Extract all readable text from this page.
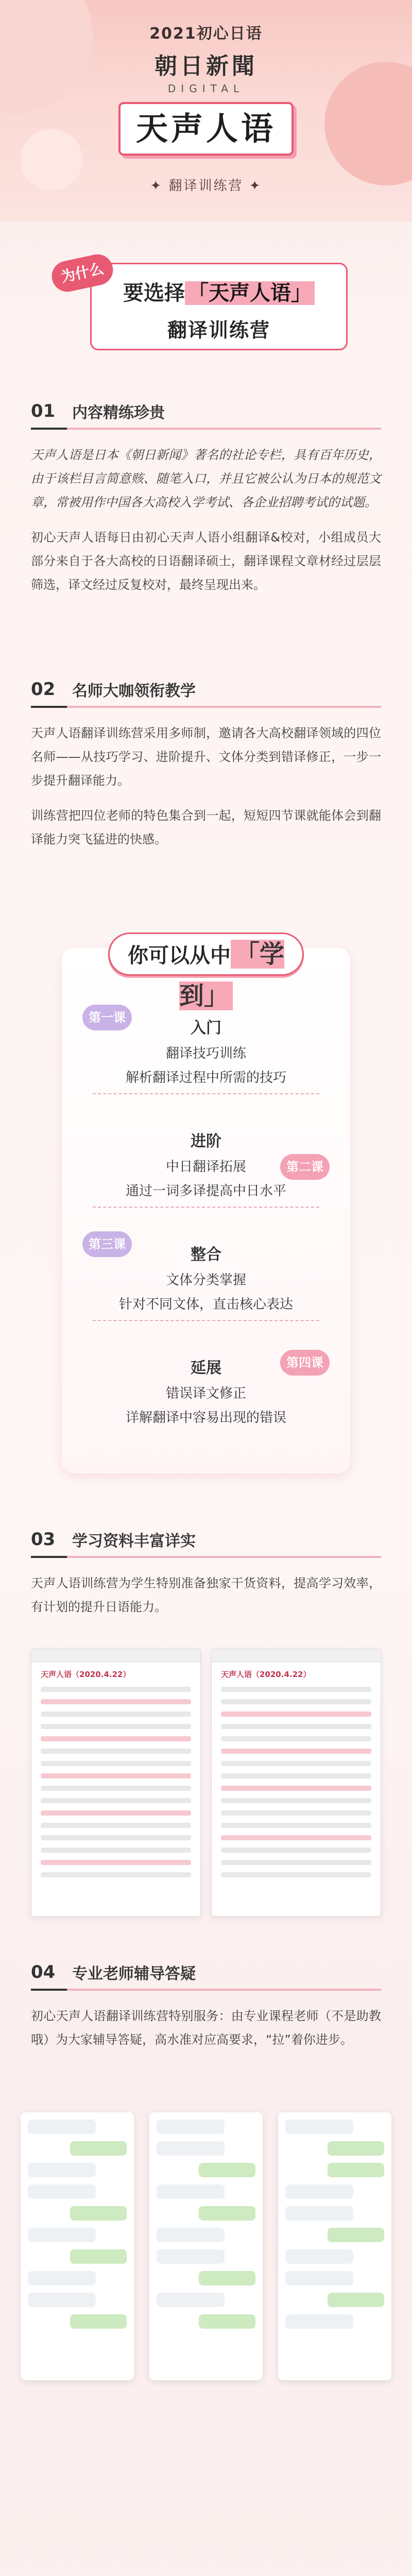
2021初心日语
朝日新聞
DIGITAL
天声人语
✦ 翻译训练营 ✦
要选择 「天声人语」
翻译训练营
为什么
01	内容精练珍贵

天声人语是日本《朝日新闻》著名的社论专栏，具有百年历史，由于该栏目言简意赅、随笔入口，并且它被公认为日本的规范文章，常被用作中国各大高校入学考试、各企业招聘考试的试题。

初心天声人语每日由初心天声人语小组翻译&校对，小组成员大部分来自于各大高校的日语翻译硕士，翻译课程文章材经过层层筛选，译文经过反复校对，最终呈现出来。

02	名师大咖领衔教学

天声人语翻译训练营采用多师制，邀请各大高校翻译领域的四位名师——从技巧学习、进阶提升、文体分类到错译修正，一步一步提升翻译能力。

训练营把四位老师的特色集合到一起，短短四节课就能体会到翻译能力突飞猛进的快感。

你可以从中 「学到」
入门
翻译技巧训练
解析翻译过程中所需的技巧
第一课
进阶
中日翻译拓展
通过一词多译提高中日水平
第二课
整合
文体分类掌握
针对不同文体，直击核心表达
第三课
延展
错误译文修正
详解翻译中容易出现的错误
第四课
03	学习资料丰富详实

天声人语训练营为学生特别准备独家干货资料，提高学习效率，有计划的提升日语能力。

天声人语（2020.4.22）	天声人语（2020.4.22）
04	专业老师辅导答疑

初心天声人语翻译训练营特别服务：由专业课程老师（不是助教哦）为大家辅导答疑，高水准对应高要求，“拉”着你进步。
